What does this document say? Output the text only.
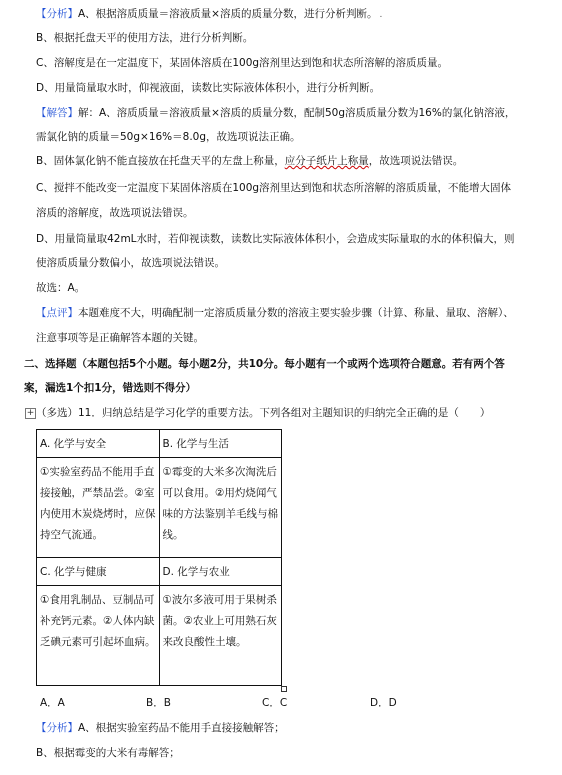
【分析】A、根据溶质质量＝溶液质量×溶质的质量分数，进行分析判断。 .
B、根据托盘天平的使用方法，进行分析判断。
C、溶解度是在一定温度下，某固体溶质在100g溶剂里达到饱和状态所溶解的溶质质量。
D、用量筒量取水时，仰视液面，读数比实际液体体积小，进行分析判断。
【解答】解：A、溶质质量＝溶液质量×溶质的质量分数，配制50g溶质质量分数为16%的氯化钠溶液，
需氯化钠的质量＝50g×16%＝8.0g，故选项说法正确。
B、固体氯化钠不能直接放在托盘天平的左盘上称量，应分子纸片上称量，故选项说法错误。
C、搅拌不能改变一定温度下某固体溶质在100g溶剂里达到饱和状态所溶解的溶质质量，不能增大固体
溶质的溶解度，故选项说法错误。
D、用量筒量取42mL水时，若仰视读数，读数比实际液体体积小，会造成实际量取的水的体积偏大，则
使溶质质量分数偏小，故选项说法错误。
故选：A。
【点评】本题难度不大，明确配制一定溶质质量分数的溶液主要实验步骤（计算、称量、量取、溶解）、
注意事项等是正确解答本题的关键。
二、选择题（本题包括5个小题。每小题2分，共10分。每小题有一个或两个选项符合题意。若有两个答
案，漏选1个扣1分，错选则不得分）
+ （多选）11．归纳总结是学习化学的重要方法。下列各组对主题知识的归纳完全正确的是（　　）
A. 化学与安全	B. 化学与生活
①实验室药品不能用手直接接触，严禁品尝。②室内使用木炭烧烤时，应保持空气流通。	①霉变的大米多次淘洗后可以食用。②用灼烧闻气味的方法鉴别羊毛线与棉线。
C. 化学与健康	D. 化学与农业
①食用乳制品、豆制品可补充钙元素。②人体内缺乏碘元素可引起坏血病。	①波尔多液可用于果树杀菌。②农业上可用熟石灰来改良酸性土壤。
A．A	B．B	C．C	D．D
【分析】A、根据实验室药品不能用手直接接触解答；
B、根据霉变的大米有毒解答；
